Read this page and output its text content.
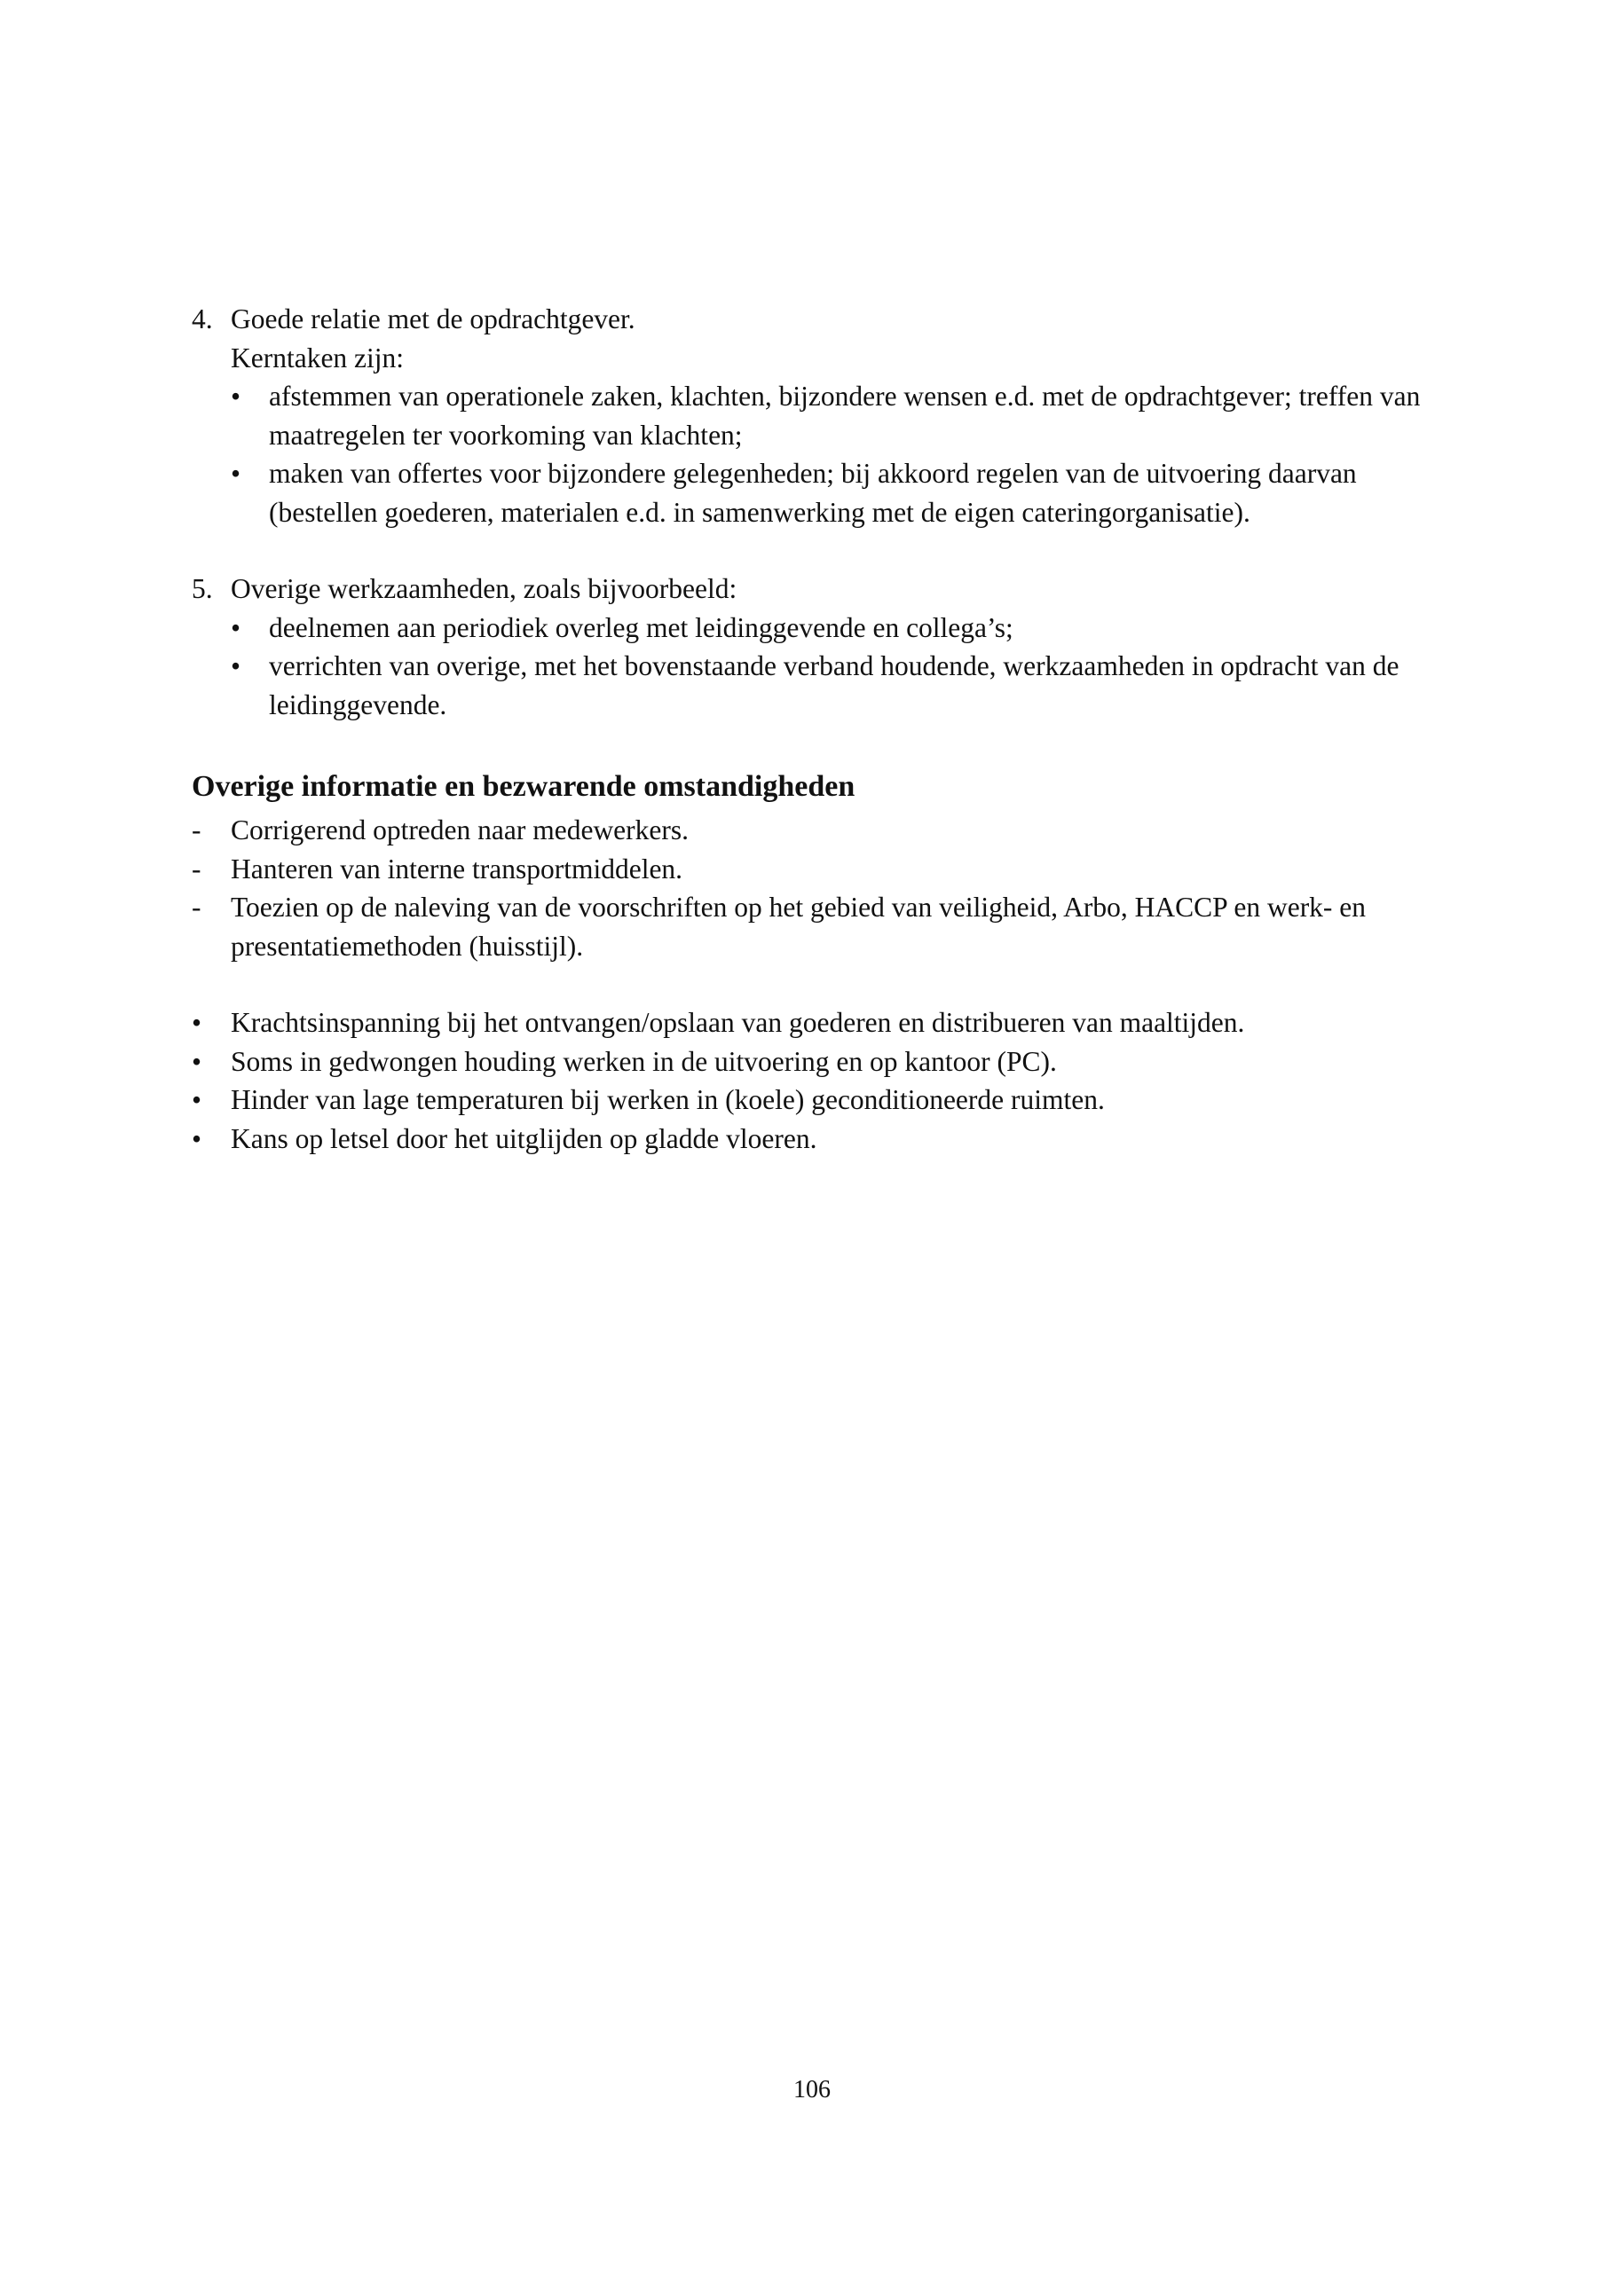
4. Goede relatie met de opdrachtgever.
Kerntaken zijn:
•	afstemmen van operationele zaken, klachten, bijzondere wensen e.d. met de opdrachtgever; treffen van maatregelen ter voorkoming van klachten;
•	maken van offertes voor bijzondere gelegenheden; bij akkoord regelen van de uitvoering daarvan (bestellen goederen, materialen e.d. in samenwerking met de eigen cateringorganisatie).
5. Overige werkzaamheden, zoals bijvoorbeeld:
•	deelnemen aan periodiek overleg met leidinggevende en collega’s;
•	verrichten van overige, met het bovenstaande verband houdende, werkzaamheden in opdracht van de leidinggevende.
Overige informatie en bezwarende omstandigheden
-	Corrigerend optreden naar medewerkers.
-	Hanteren van interne transportmiddelen.
-	Toezien op de naleving van de voorschriften op het gebied van veiligheid, Arbo, HACCP en werk- en presentatiemethoden (huisstijl).
•	Krachtsinspanning bij het ontvangen/opslaan van goederen en distribueren van maaltijden.
•	Soms in gedwongen houding werken in de uitvoering en op kantoor (PC).
•	Hinder van lage temperaturen bij werken in (koele) geconditioneerde ruimten.
•	Kans op letsel door het uitglijden op gladde vloeren.
106
